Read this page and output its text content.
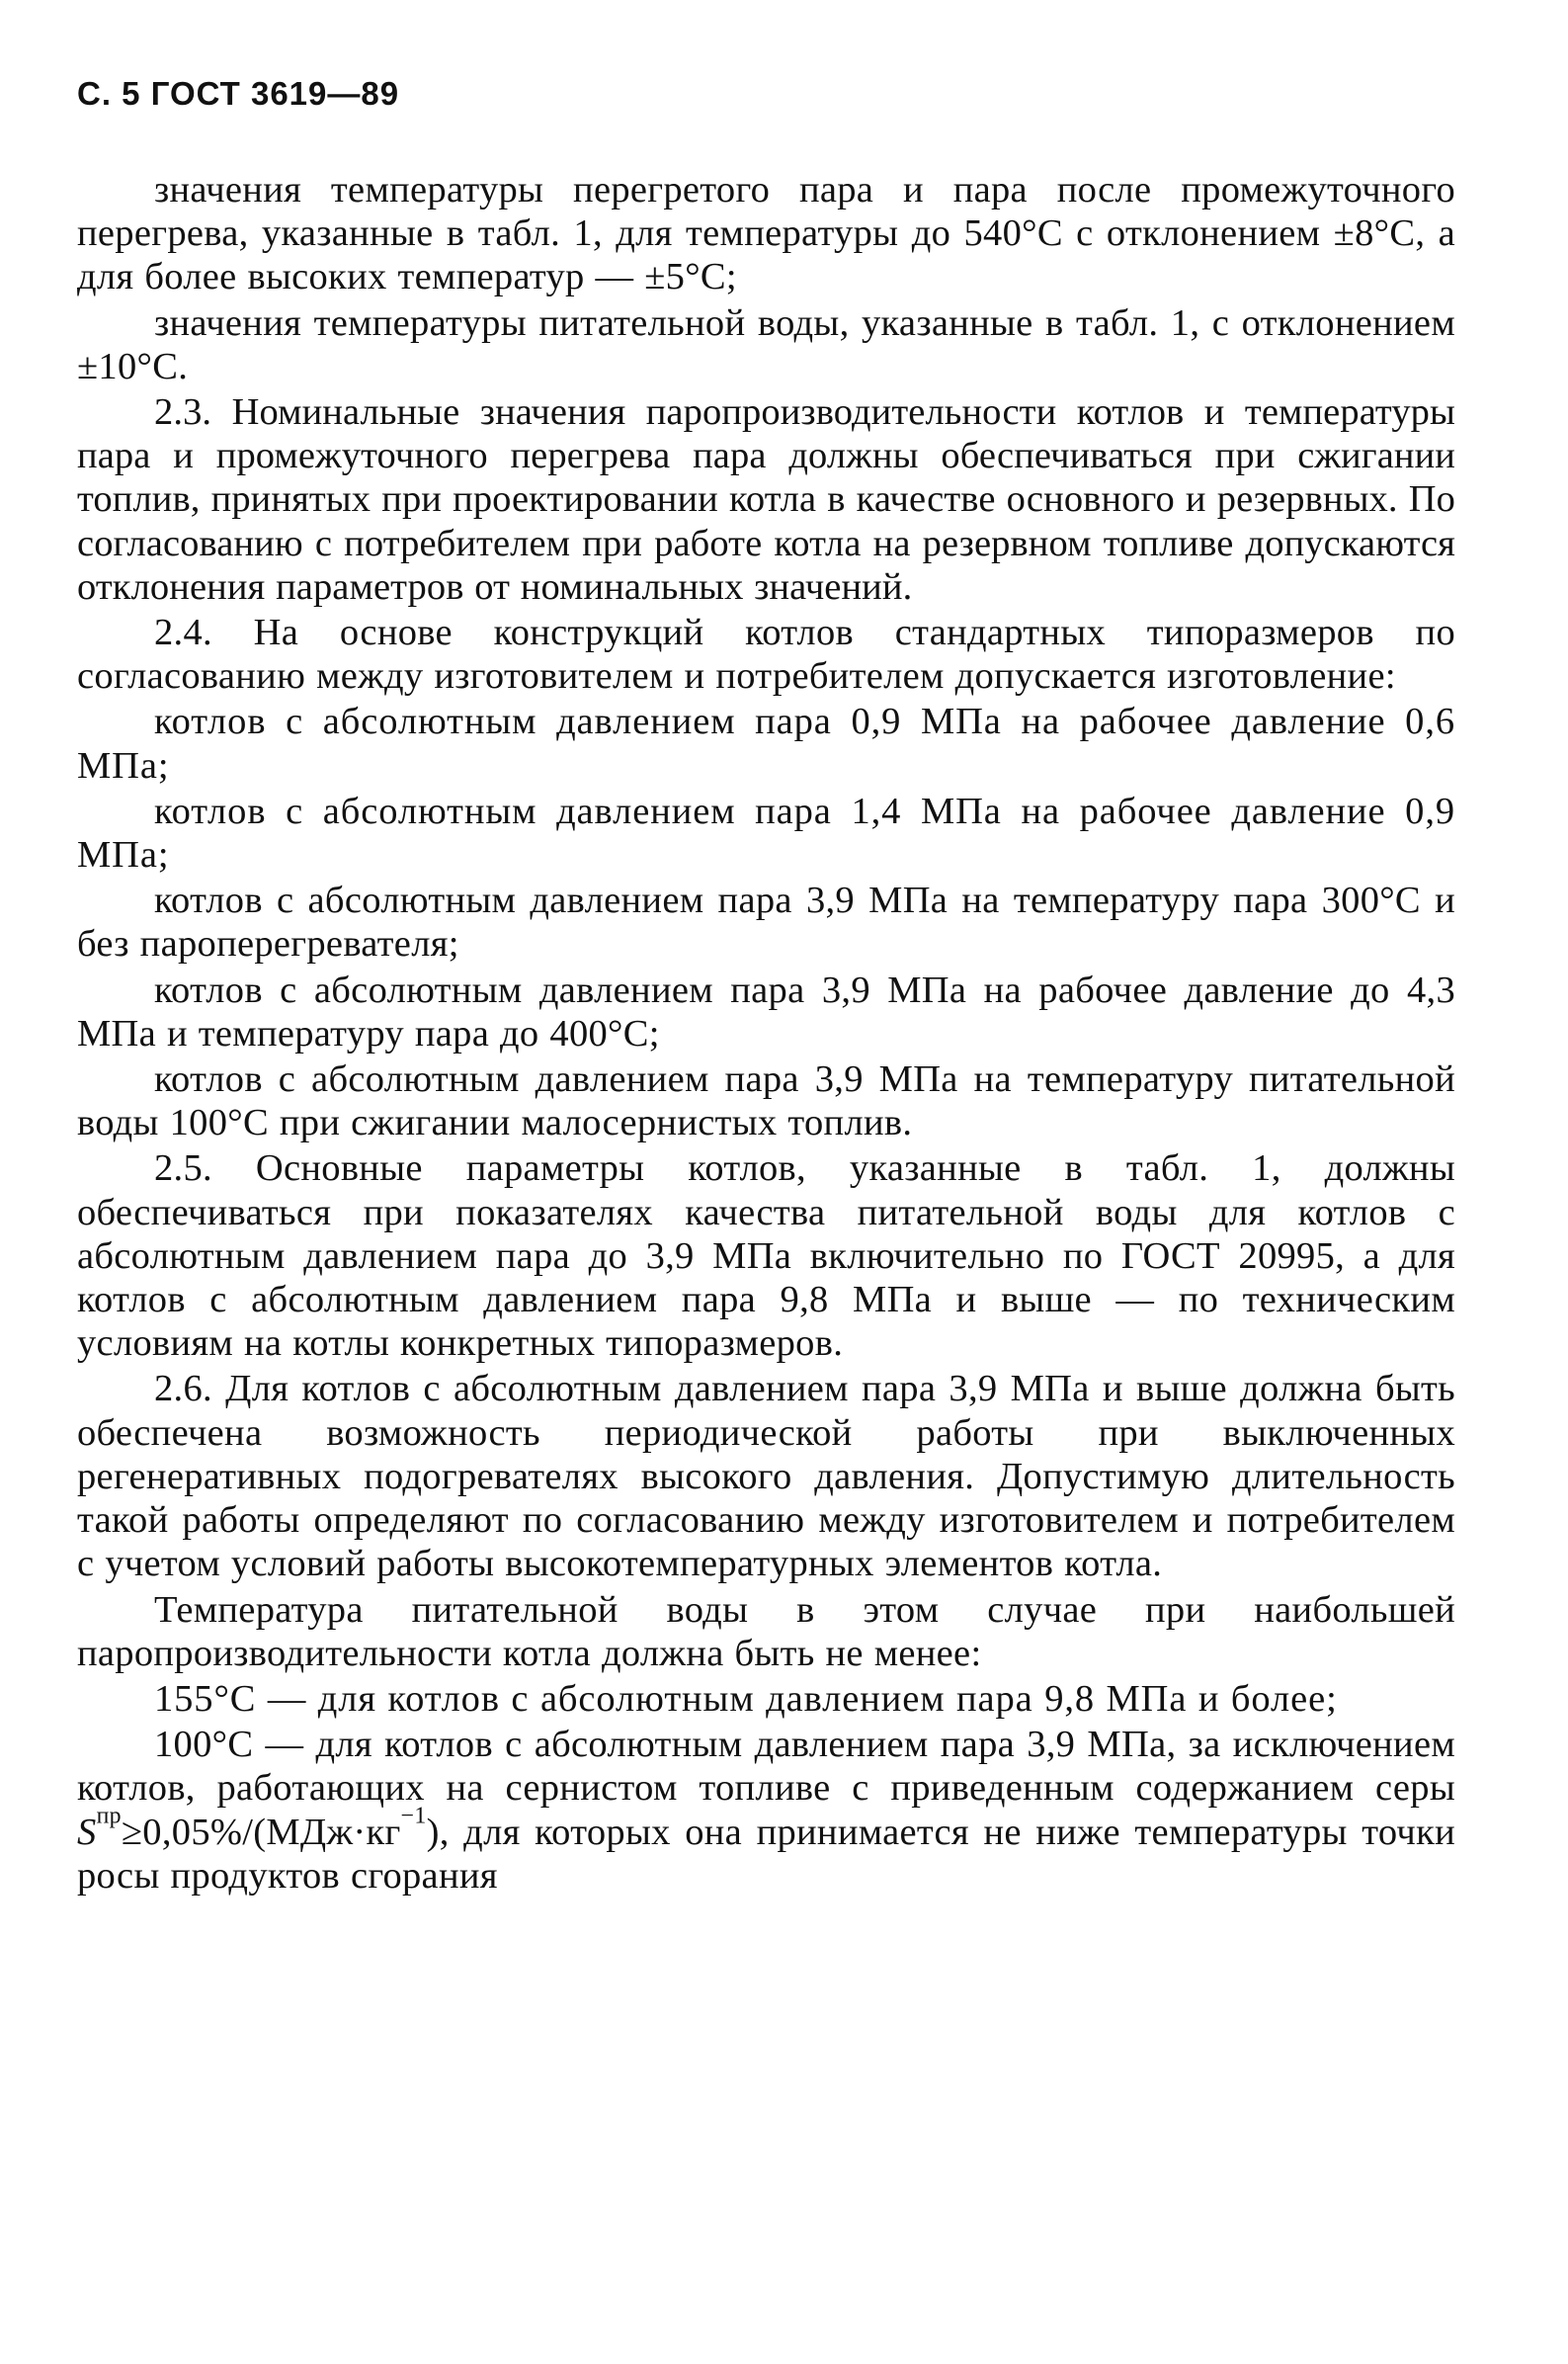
С. 5 ГОСТ 3619—89

значения температуры перегретого пара и пара после промежуточного перегрева, указанные в табл. 1, для температуры до 540°С с отклонением ±8°С, а для более высоких температур — ±5°С;

значения температуры питательной воды, указанные в табл. 1, с отклонением ±10°С.

2.3. Номинальные значения паропроизводительности котлов и температуры пара и промежуточного перегрева пара должны обеспечиваться при сжигании топлив, принятых при проектировании котла в качестве основного и резервных. По согласованию с потребителем при работе котла на резервном топливе допускаются отклонения параметров от номинальных значений.

2.4. На основе конструкций котлов стандартных типоразмеров по согласованию между изготовителем и потребителем допускается изготовление:

котлов с абсолютным давлением пара 0,9 МПа на рабочее давление 0,6 МПа;

котлов с абсолютным давлением пара 1,4 МПа на рабочее давление 0,9 МПа;

котлов с абсолютным давлением пара 3,9 МПа на температуру пара 300°С и без пароперегревателя;

котлов с абсолютным давлением пара 3,9 МПа на рабочее давление до 4,3 МПа и температуру пара до 400°С;

котлов с абсолютным давлением пара 3,9 МПа на температуру питательной воды 100°С при сжигании малосернистых топлив.

2.5. Основные параметры котлов, указанные в табл. 1, должны обеспечиваться при показателях качества питательной воды для котлов с абсолютным давлением пара до 3,9 МПа включительно по ГОСТ 20995, а для котлов с абсолютным давлением пара 9,8 МПа и выше — по техническим условиям на котлы конкретных типоразмеров.

2.6. Для котлов с абсолютным давлением пара 3,9 МПа и выше должна быть обеспечена возможность периодической работы при выключенных регенеративных подогревателях высокого давления. Допустимую длительность такой работы определяют по согласованию между изготовителем и потребителем с учетом условий работы высокотемпературных элементов котла.

Температура питательной воды в этом случае при наибольшей паропроизводительности котла должна быть не менее:

155°С — для котлов с абсолютным давлением пара 9,8 МПа и более;

100°С — для котлов с абсолютным давлением пара 3,9 МПа, за исключением котлов, работающих на сернистом топливе с приведенным содержанием серы $S^{пр}\ge 0,05\%/(МДж\cdot кг^{-1})$, для которых она принимается не ниже температуры точки росы продуктов сгорания
